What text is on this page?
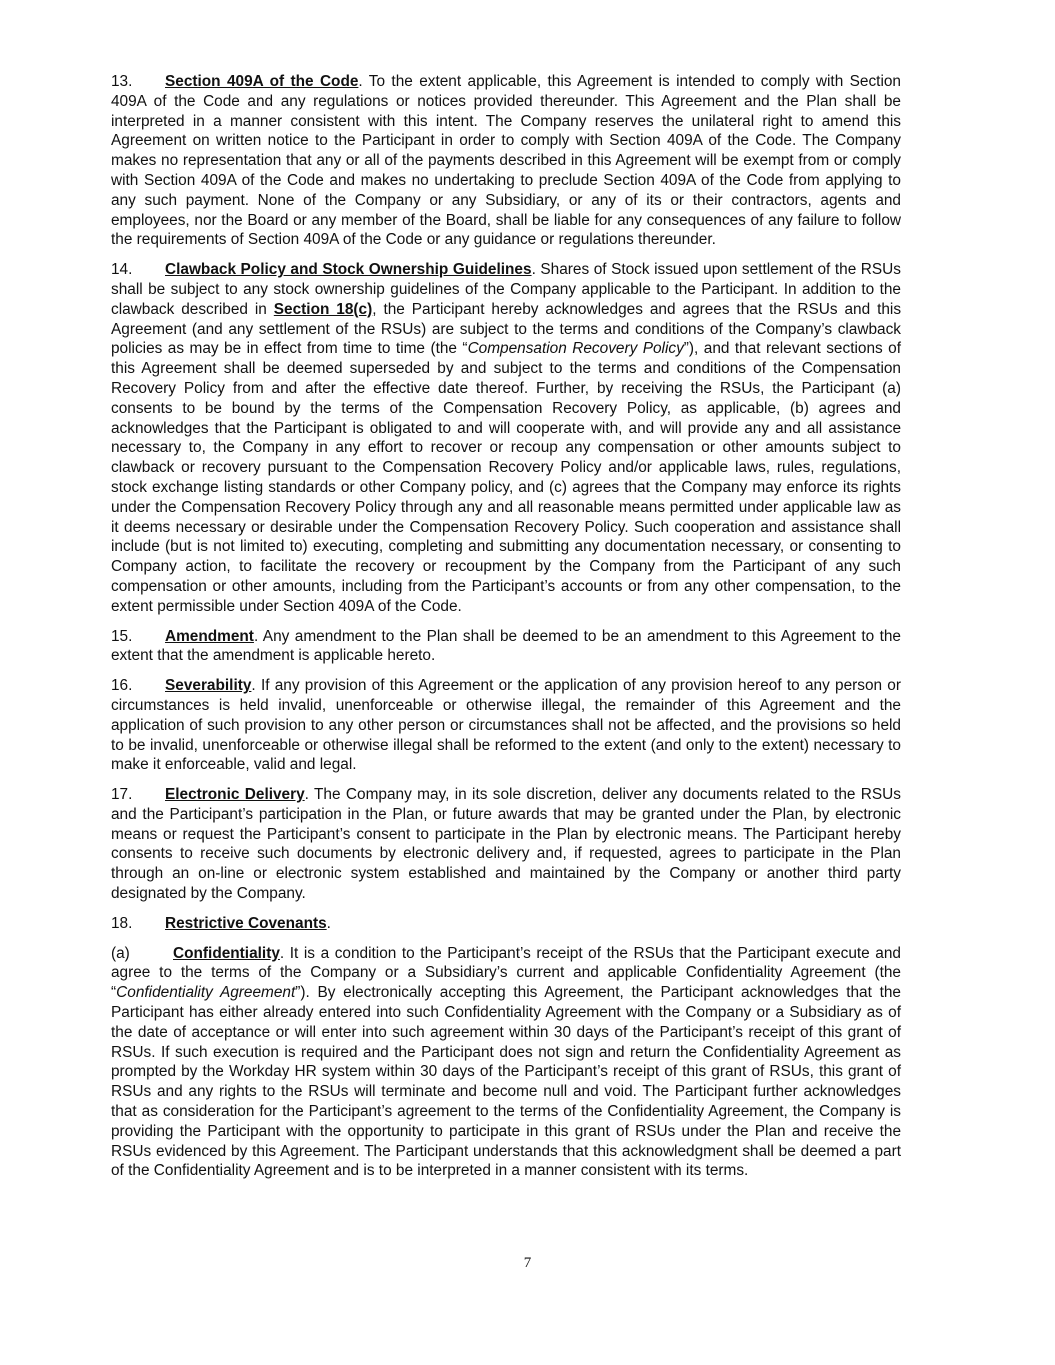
13. Section 409A of the Code. To the extent applicable, this Agreement is intended to comply with Section 409A of the Code and any regulations or notices provided thereunder. This Agreement and the Plan shall be interpreted in a manner consistent with this intent. The Company reserves the unilateral right to amend this Agreement on written notice to the Participant in order to comply with Section 409A of the Code. The Company makes no representation that any or all of the payments described in this Agreement will be exempt from or comply with Section 409A of the Code and makes no undertaking to preclude Section 409A of the Code from applying to any such payment. None of the Company or any Subsidiary, or any of its or their contractors, agents and employees, nor the Board or any member of the Board, shall be liable for any consequences of any failure to follow the requirements of Section 409A of the Code or any guidance or regulations thereunder.

14. Clawback Policy and Stock Ownership Guidelines. Shares of Stock issued upon settlement of the RSUs shall be subject to any stock ownership guidelines of the Company applicable to the Participant. In addition to the clawback described in Section 18(c), the Participant hereby acknowledges and agrees that the RSUs and this Agreement (and any settlement of the RSUs) are subject to the terms and conditions of the Company’s clawback policies as may be in effect from time to time (the “Compensation Recovery Policy”), and that relevant sections of this Agreement shall be deemed superseded by and subject to the terms and conditions of the Compensation Recovery Policy from and after the effective date thereof. Further, by receiving the RSUs, the Participant (a) consents to be bound by the terms of the Compensation Recovery Policy, as applicable, (b) agrees and acknowledges that the Participant is obligated to and will cooperate with, and will provide any and all assistance necessary to, the Company in any effort to recover or recoup any compensation or other amounts subject to clawback or recovery pursuant to the Compensation Recovery Policy and/or applicable laws, rules, regulations, stock exchange listing standards or other Company policy, and (c) agrees that the Company may enforce its rights under the Compensation Recovery Policy through any and all reasonable means permitted under applicable law as it deems necessary or desirable under the Compensation Recovery Policy. Such cooperation and assistance shall include (but is not limited to) executing, completing and submitting any documentation necessary, or consenting to Company action, to facilitate the recovery or recoupment by the Company from the Participant of any such compensation or other amounts, including from the Participant’s accounts or from any other compensation, to the extent permissible under Section 409A of the Code.

15. Amendment. Any amendment to the Plan shall be deemed to be an amendment to this Agreement to the extent that the amendment is applicable hereto.

16. Severability. If any provision of this Agreement or the application of any provision hereof to any person or circumstances is held invalid, unenforceable or otherwise illegal, the remainder of this Agreement and the application of such provision to any other person or circumstances shall not be affected, and the provisions so held to be invalid, unenforceable or otherwise illegal shall be reformed to the extent (and only to the extent) necessary to make it enforceable, valid and legal.

17. Electronic Delivery. The Company may, in its sole discretion, deliver any documents related to the RSUs and the Participant’s participation in the Plan, or future awards that may be granted under the Plan, by electronic means or request the Participant’s consent to participate in the Plan by electronic means. The Participant hereby consents to receive such documents by electronic delivery and, if requested, agrees to participate in the Plan through an on-line or electronic system established and maintained by the Company or another third party designated by the Company.

18. Restrictive Covenants.

(a)	Confidentiality. It is a condition to the Participant’s receipt of the RSUs that the Participant execute and agree to the terms of the Company or a Subsidiary’s current and applicable Confidentiality Agreement (the “Confidentiality Agreement”). By electronically accepting this Agreement, the Participant acknowledges that the Participant has either already entered into such Confidentiality Agreement with the Company or a Subsidiary as of the date of acceptance or will enter into such agreement within 30 days of the Participant’s receipt of this grant of RSUs. If such execution is required and the Participant does not sign and return the Confidentiality Agreement as prompted by the Workday HR system within 30 days of the Participant’s receipt of this grant of RSUs, this grant of RSUs and any rights to the RSUs will terminate and become null and void. The Participant further acknowledges that as consideration for the Participant’s agreement to the terms of the Confidentiality Agreement, the Company is providing the Participant with the opportunity to participate in this grant of RSUs under the Plan and receive the RSUs evidenced by this Agreement. The Participant understands that this acknowledgment shall be deemed a part of the Confidentiality Agreement and is to be interpreted in a manner consistent with its terms.

7
